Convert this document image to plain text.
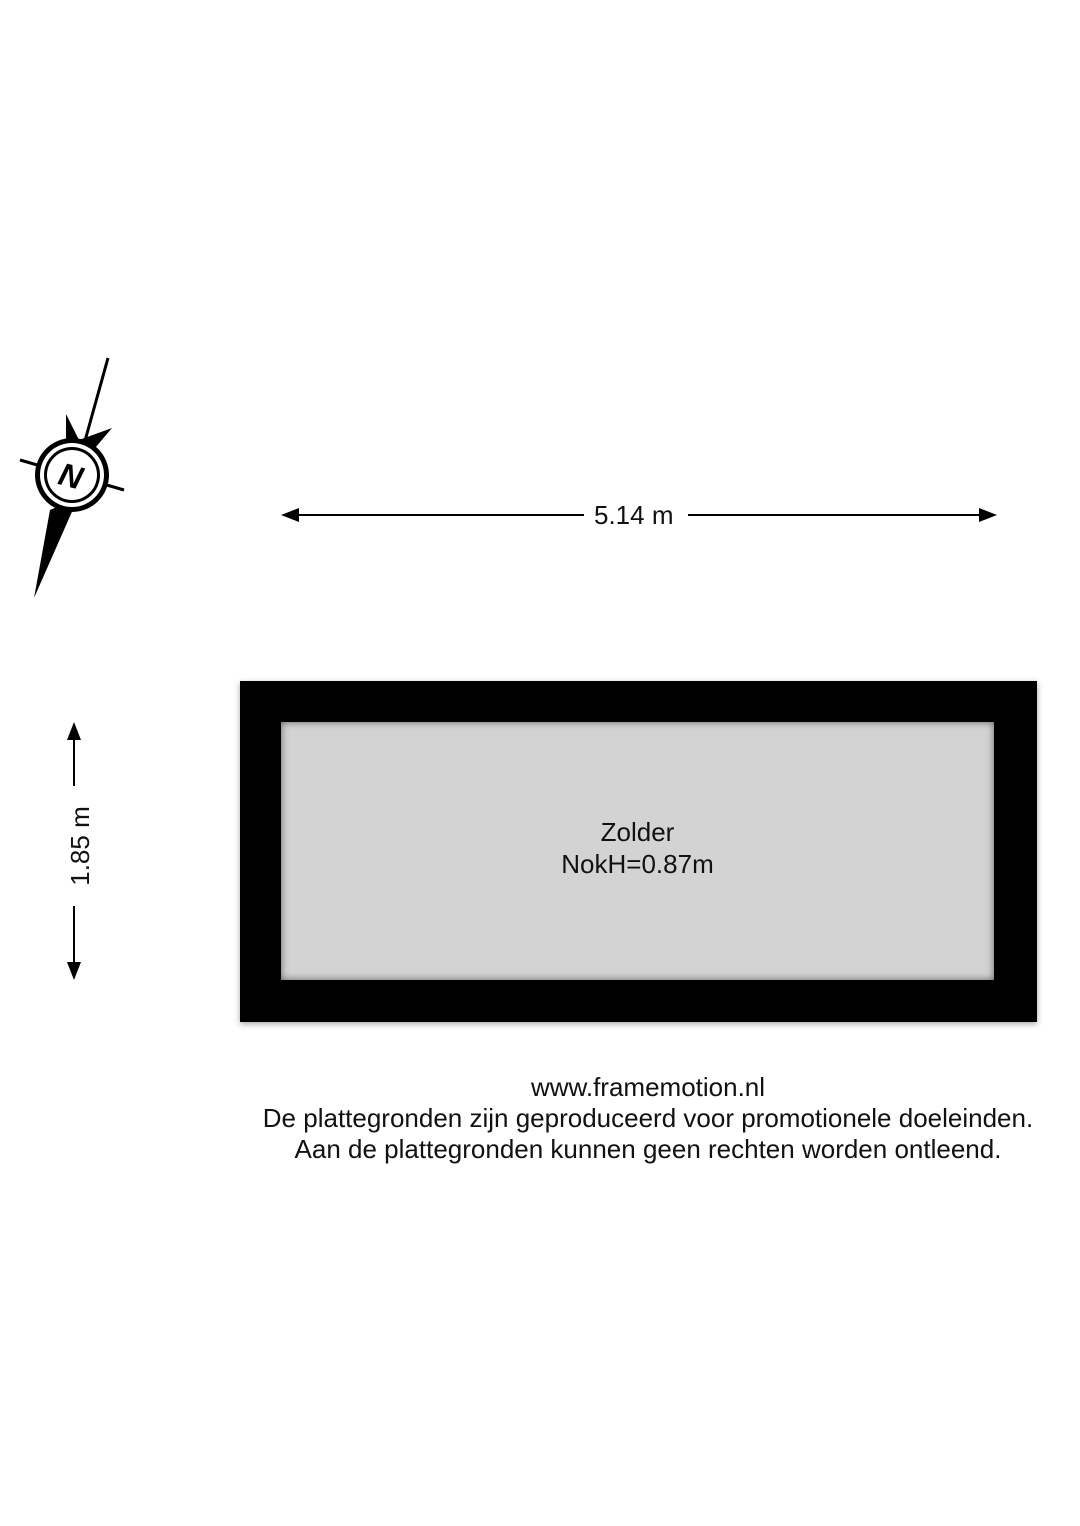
N
5.14 m
1.85 m	Zolder
NokH=0.87m
www.framemotion.nl
De plattegronden zijn geproduceerd voor promotionele doeleinden.
Aan de plattegronden kunnen geen rechten worden ontleend.
